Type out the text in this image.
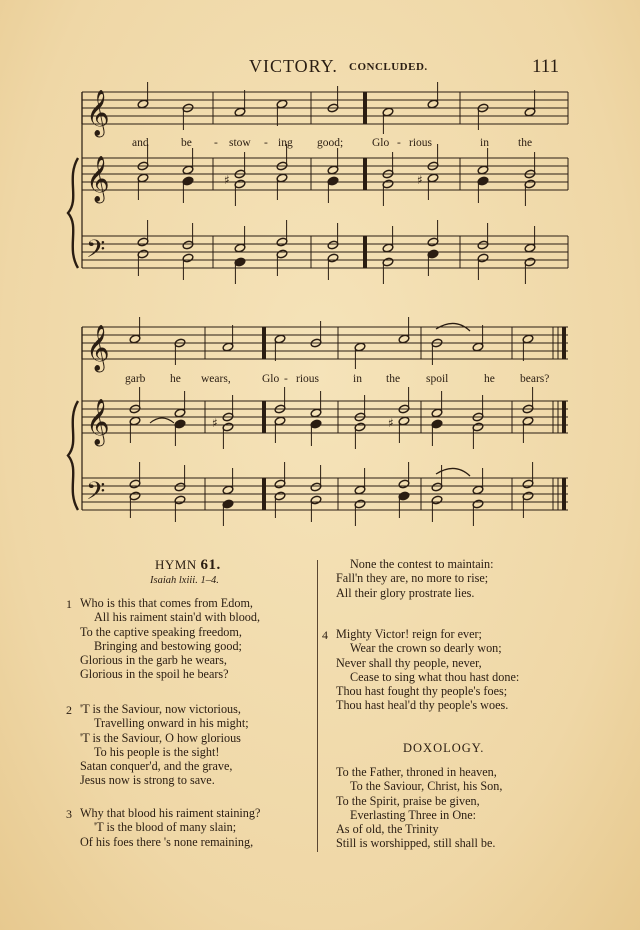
VICTORY. CONCLUDED.	111
𝄞
𝄞
𝄢
♯	♯
𝄞
𝄞
𝄢
♯	♯
and	be - stow - ing good;	Glo - rious	in	the
garb he wears,	Glo - rious	in the spoil	he bears?
HYMN 61.
Isaiah lxiii. 1–4.
1 Who is this that comes from Edom,
All his raiment stain'd with blood,
To the captive speaking freedom,
Bringing and bestowing good;
Glorious in the garb he wears,
Glorious in the spoil he bears?
2 'T is the Saviour, now victorious,
Travelling onward in his might;
'T is the Saviour, O how glorious
To his people is the sight!
Satan conquer'd, and the grave,
Jesus now is strong to save.
3 Why that blood his raiment staining?
'T is the blood of many slain;
Of his foes there 's none remaining,
None the contest to maintain:
Fall'n they are, no more to rise;
All their glory prostrate lies.
4 Mighty Victor! reign for ever;
Wear the crown so dearly won;
Never shall thy people, never,
Cease to sing what thou hast done:
Thou hast fought thy people's foes;
Thou hast heal'd thy people's woes.
DOXOLOGY.
To the Father, throned in heaven,
To the Saviour, Christ, his Son,
To the Spirit, praise be given,
Everlasting Three in One:
As of old, the Trinity
Still is worshipped, still shall be.
